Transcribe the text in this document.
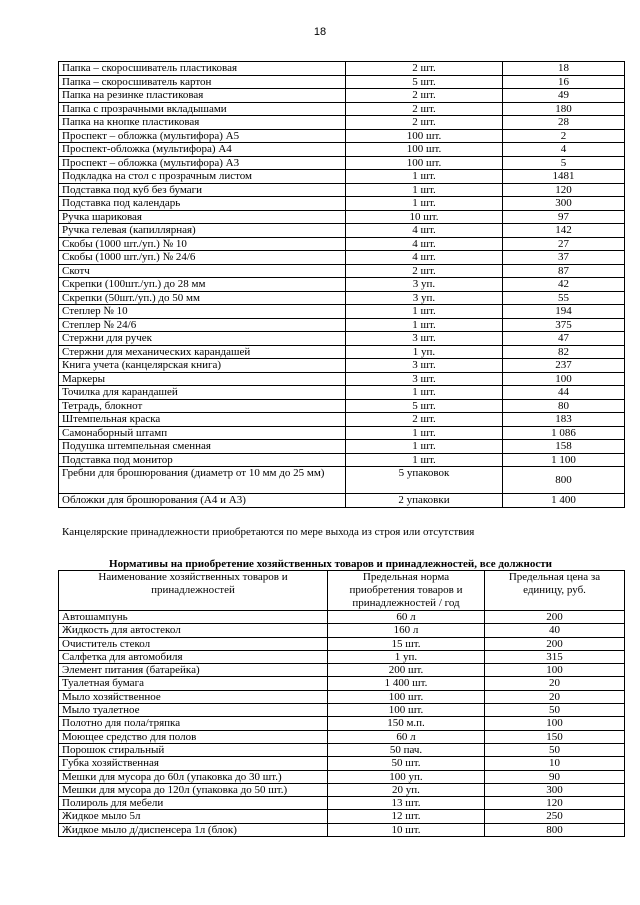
18
Папка – скоросшиватель пластиковая	2 шт.	18
Папка – скоросшиватель картон	5 шт.	16
Папка на резинке пластиковая	2 шт.	49
Папка с прозрачными вкладышами	2 шт.	180
Папка на кнопке пластиковая	2 шт.	28
Проспект – обложка (мультифора) А5	100 шт.	2
Проспект-обложка (мультифора) А4	100 шт.	4
Проспект – обложка (мультифора) А3	100 шт.	5
Подкладка на стол с прозрачным листом	1 шт.	1481
Подставка под куб без бумаги	1 шт.	120
Подставка под календарь	1 шт.	300
Ручка шариковая	10 шт.	97
Ручка гелевая (капиллярная)	4 шт.	142
Скобы (1000 шт./уп.) № 10	4 шт.	27
Скобы (1000 шт./уп.) № 24/6	4 шт.	37
Скотч	2 шт.	87
Скрепки (100шт./уп.) до 28 мм	3 уп.	42
Скрепки (50шт./уп.) до 50 мм	3 уп.	55
Степлер № 10	1 шт.	194
Степлер № 24/6	1 шт.	375
Стержни для ручек	3 шт.	47
Стержни для механических карандашей	1 уп.	82
Книга учета (канцелярская книга)	3 шт.	237
Маркеры	3 шт.	100
Точилка для карандашей	1 шт.	44
Тетрадь, блокнот	5 шт.	80
Штемпельная краска	2 шт.	183
Самонаборный штамп	1 шт.	1 086
Подушка штемпельная сменная	1 шт.	158
Подставка под монитор	1 шт.	1 100
Гребни для брошюрования (диаметр от 10 мм до 25 мм)	5 упаковок	800
Обложки для брошюрования (А4 и А3)	2 упаковки	1 400
Канцелярские принадлежности приобретаются по мере выхода из строя или отсутствия
Нормативы на приобретение хозяйственных товаров и принадлежностей, все должности
Наименование хозяйственных товаров и принадлежностей	Предельная норма приобретения товаров и принадлежностей / год	Предельная цена за единицу, руб.
Автошампунь	60 л	200
Жидкость для автостекол	160 л	40
Очиститель стекол	15 шт.	200
Салфетка для автомобиля	1 уп.	315
Элемент питания (батарейка)	200 шт.	100
Туалетная бумага	1 400 шт.	20
Мыло хозяйственное	100 шт.	20
Мыло туалетное	100 шт.	50
Полотно для пола/тряпка	150 м.п.	100
Моющее средство для полов	60 л	150
Порошок стиральный	50 пач.	50
Губка хозяйственная	50 шт.	10
Мешки для мусора до 60л (упаковка до 30 шт.)	100 уп.	90
Мешки для мусора до 120л (упаковка до 50 шт.)	20 уп.	300
Полироль для мебели	13 шт.	120
Жидкое мыло 5л	12 шт.	250
Жидкое мыло д/диспенсера 1л (блок)	10 шт.	800
